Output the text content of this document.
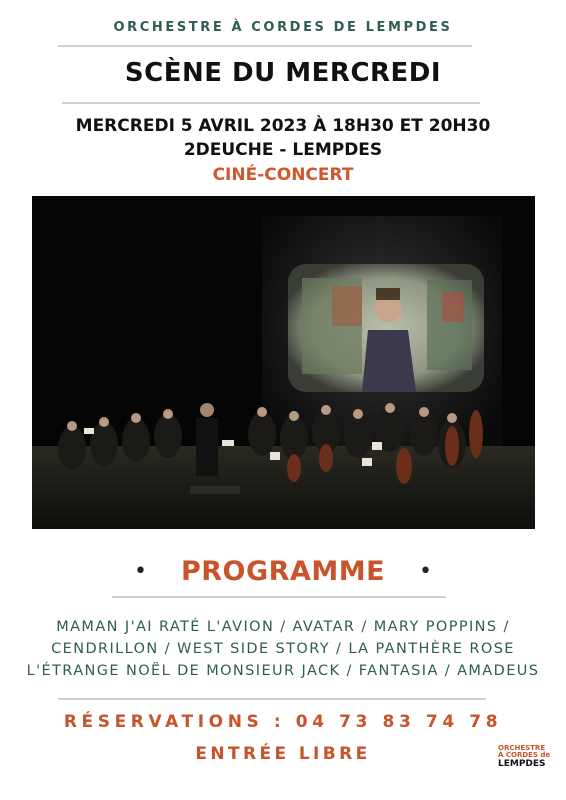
ORCHESTRE À CORDES DE LEMPDES
SCÈNE DU MERCREDI
MERCREDI 5 AVRIL 2023 À 18H30 ET 20H30
2DEUCHE - LEMPDES
CINÉ-CONCERT
• PROGRAMME •
MAMAN J'AI RATÉ L'AVION / AVATAR / MARY POPPINS /
CENDRILLON / WEST SIDE STORY / LA PANTHÈRE ROSE
L'ÉTRANGE NOËL DE MONSIEUR JACK / FANTASIA / AMADEUS
RÉSERVATIONS : 04 73 83 74 78
ENTRÉE LIBRE	ORCHESTRE
À CORDES de
LEMPDES
